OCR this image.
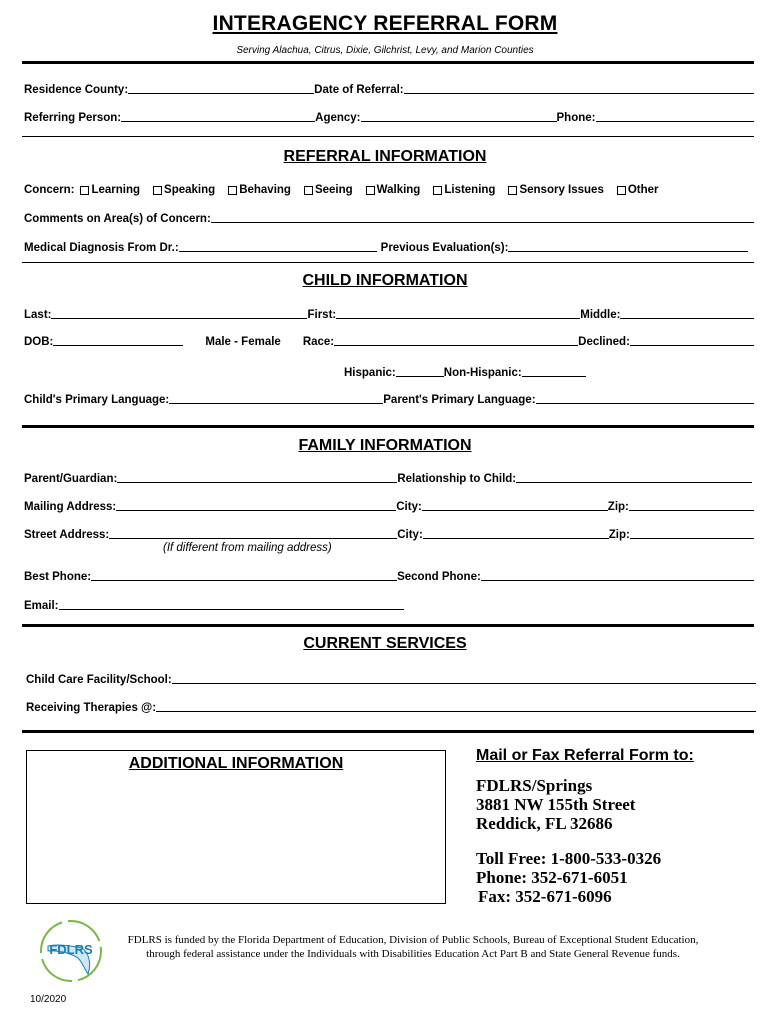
INTERAGENCY REFERRAL FORM
Serving Alachua, Citrus, Dixie, Gilchrist, Levy, and Marion Counties
Residence County:	Date of Referral:
Referring Person:	Agency:	Phone:
REFERRAL INFORMATION
Concern: Learning Speaking Behaving Seeing Walking Listening Sensory Issues Other
Comments on Area(s) of Concern:
Medical Diagnosis From Dr.:	Previous Evaluation(s):
CHILD INFORMATION
Last:	First:	Middle:
DOB:	Male - Female Race:	Declined:
Hispanic:	Non-Hispanic:
Child's Primary Language:	Parent's Primary Language:
FAMILY INFORMATION
Parent/Guardian:	Relationship to Child:
Mailing Address:	City:	Zip:
Street Address:	City:	Zip:
(If different from mailing address)
Best Phone:	Second Phone:
Email:
CURRENT SERVICES
Child Care Facility/School:
Receiving Therapies @:
ADDITIONAL INFORMATION	Mail or Fax Referral Form to:
FDLRS/Springs
3881 NW 155th Street
Reddick, FL 32686
Toll Free: 1-800-533-0326
Phone: 352-671-6051
Fax: 352-671-6096
FDLRS
FDLRS is funded by the Florida Department of Education, Division of Public Schools, Bureau of Exceptional Student Education, through federal assistance under the Individuals with Disabilities Education Act Part B and State General Revenue funds.
10/2020
